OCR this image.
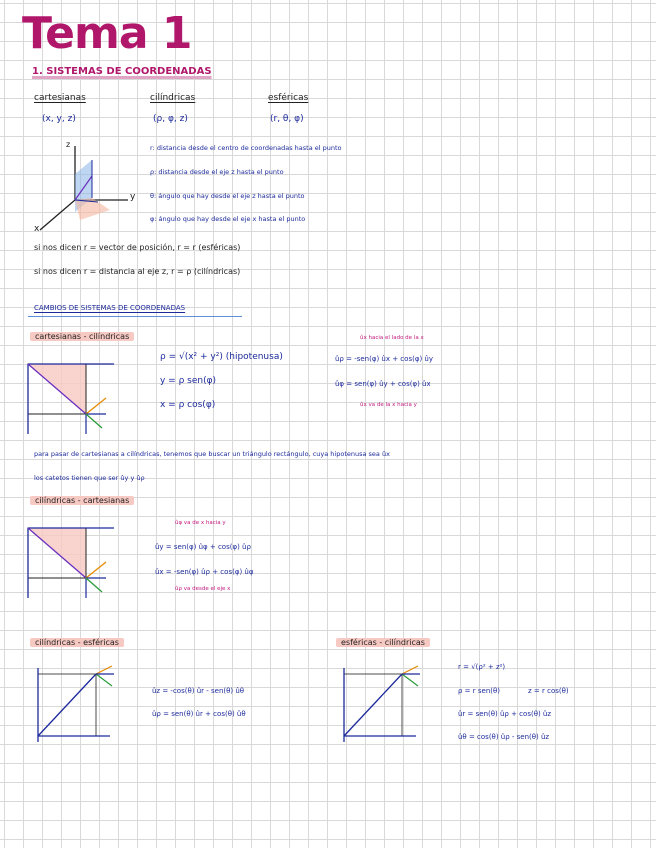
Tema 1
1. SISTEMAS DE COORDENADAS
cartesianas	cilíndricas	esféricas
(x, y, z)	(ρ, φ, z)	(r, θ, φ)
z
y
x
r: distancia desde el centro de coordenadas hasta el punto
ρ: distancia desde el eje z hasta el punto
θ: ángulo que hay desde el eje z hasta el punto
φ: ángulo que hay desde el eje x hasta el punto
si nos dicen r = vector de posición, r = r (esféricas)
si nos dicen r = distancia al eje z, r = ρ (cilíndricas)
CAMBIOS DE SISTEMAS DE COORDENADAS
cartesianas - cilíndricas
ρ = √(x² + y²) (hipotenusa)
y = ρ sen(φ)
x = ρ cos(φ)
ûx hacia el lado de la x
ûx va de la x hacia y
ûρ = -sen(φ) ûx + cos(φ) ûy
ûφ = sen(φ) ûy + cos(φ) ûx
para pasar de cartesianas a cilíndricas, tenemos que buscar un triángulo rectángulo, cuya hipotenusa sea ûx
los catetos tienen que ser ûy y ûρ
cilíndricas - cartesianas
ûφ va de x hacia y
ûρ va desde el eje x
ûy = sen(φ) ûφ + cos(φ) ûρ
ûx = -sen(φ) ûρ + cos(φ) ûφ
cilíndricas - esféricas
ûz = -cos(θ) ûr - sen(θ) ûθ
ûρ = sen(θ) ûr + cos(θ) ûθ
esféricas - cilíndricas
r = √(ρ² + z²)
ρ = r sen(θ)	z = r cos(θ)
ûr = sen(θ) ûρ + cos(θ) ûz
ûθ = cos(θ) ûρ - sen(θ) ûz
